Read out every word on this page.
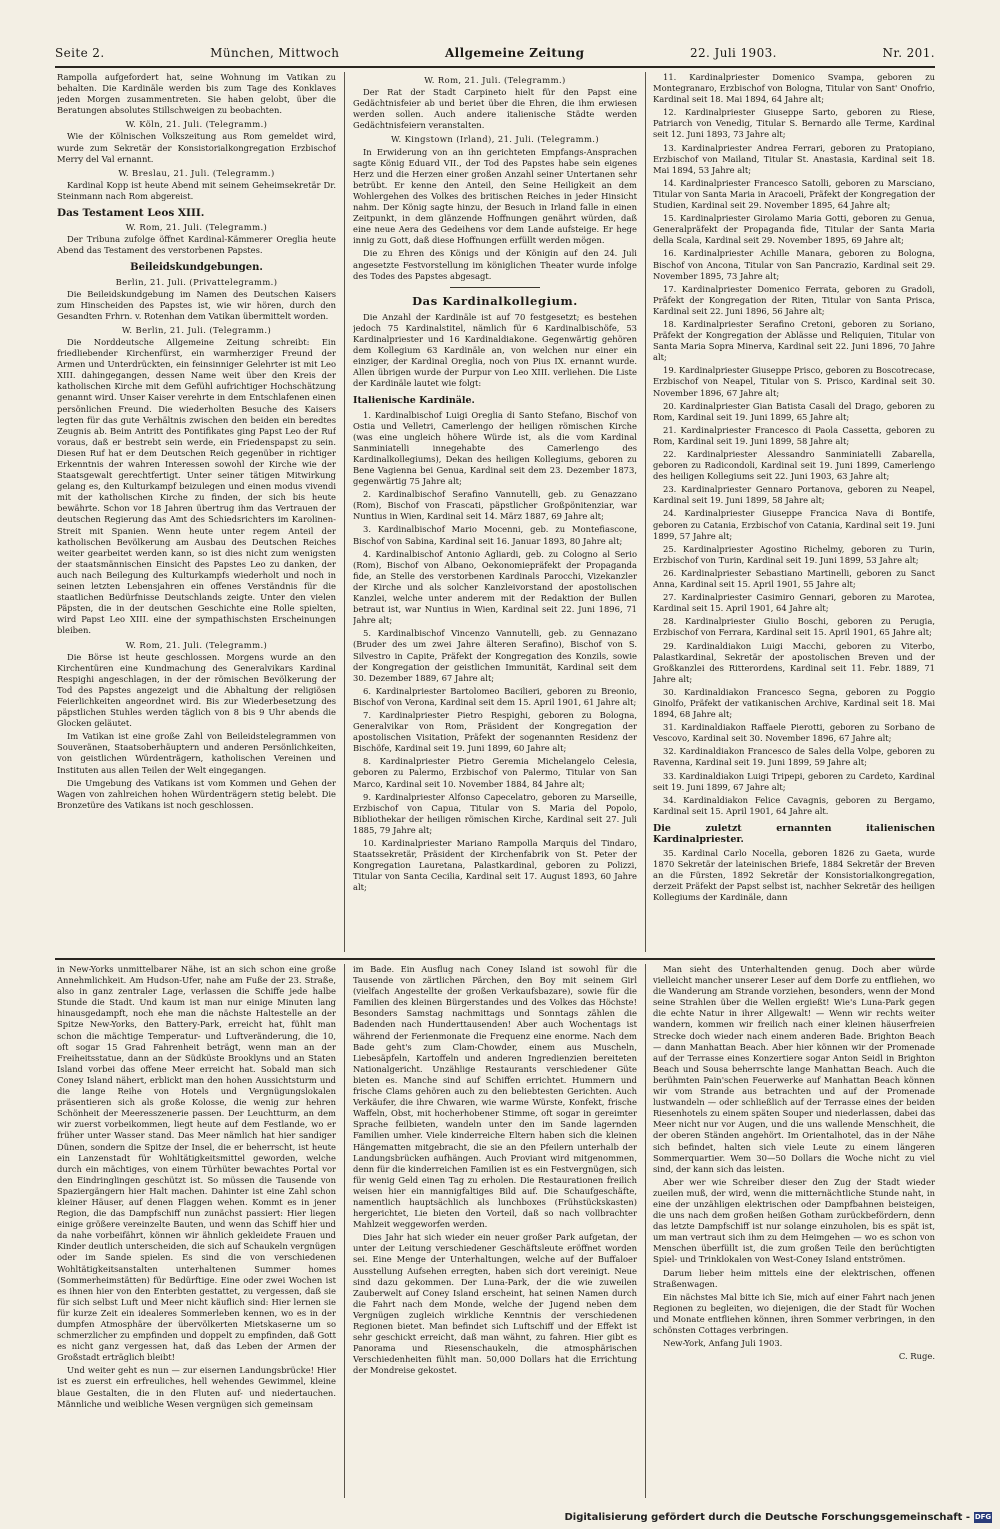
Seite 2.	München, Mittwoch	Allgemeine Zeitung	22. Juli 1903.	Nr. 201.

Rampolla aufgefordert hat, seine Wohnung im Vatikan zu behalten. Die Kardinäle werden bis zum Tage des Konklaves jeden Morgen zusammentreten. Sie haben gelobt, über die Beratungen absolutes Stillschweigen zu beobachten.

W. Köln, 21. Juli. (Telegramm.)

Wie der Kölnischen Volkszeitung aus Rom gemeldet wird, wurde zum Sekretär der Konsistorialkongregation Erzbischof Merry del Val ernannt.

W. Breslau, 21. Juli. (Telegramm.)

Kardinal Kopp ist heute Abend mit seinem Geheimsekretär Dr. Steinmann nach Rom abgereist.

Das Testament Leos XIII.

W. Rom, 21. Juli. (Telegramm.)

Der Tribuna zufolge öffnet Kardinal-Kämmerer Oreglia heute Abend das Testament des verstorbenen Papstes.

Beileidskundgebungen.

Berlin, 21. Juli. (Privattelegramm.)

Die Beileidskundgebung im Namen des Deutschen Kaisers zum Hinscheiden des Papstes ist, wie wir hören, durch den Gesandten Frhrn. v. Rotenhan dem Vatikan übermittelt worden.

W. Berlin, 21. Juli. (Telegramm.)

Die Norddeutsche Allgemeine Zeitung schreibt: Ein friedliebender Kirchenfürst, ein warmherziger Freund der Armen und Unterdrückten, ein feinsinniger Gelehrter ist mit Leo XIII. dahingegangen, dessen Name weit über den Kreis der katholischen Kirche mit dem Gefühl aufrichtiger Hochschätzung genannt wird. Unser Kaiser verehrte in dem Entschlafenen einen persönlichen Freund. Die wiederholten Besuche des Kaisers legten für das gute Verhältnis zwischen den beiden ein beredtes Zeugnis ab. Beim Antritt des Pontifikates ging Papst Leo der Ruf voraus, daß er bestrebt sein werde, ein Friedenspapst zu sein. Diesen Ruf hat er dem Deutschen Reich gegenüber in richtiger Erkenntnis der wahren Interessen sowohl der Kirche wie der Staatsgewalt gerechtfertigt. Unter seiner tätigen Mitwirkung gelang es, den Kulturkampf beizulegen und einen modus vivendi mit der katholischen Kirche zu finden, der sich bis heute bewährte. Schon vor 18 Jahren übertrug ihm das Vertrauen der deutschen Regierung das Amt des Schiedsrichters im Karolinen-Streit mit Spanien. Wenn heute unter regem Anteil der katholischen Bevölkerung am Ausbau des Deutschen Reiches weiter gearbeitet werden kann, so ist dies nicht zum wenigsten der staatsmännischen Einsicht des Papstes Leo zu danken, der auch nach Beilegung des Kulturkampfs wiederholt und noch in seinen letzten Lebensjahren ein offenes Verständnis für die staatlichen Bedürfnisse Deutschlands zeigte. Unter den vielen Päpsten, die in der deutschen Geschichte eine Rolle spielten, wird Papst Leo XIII. eine der sympathischsten Erscheinungen bleiben.

W. Rom, 21. Juli. (Telegramm.)

Die Börse ist heute geschlossen. Morgens wurde an den Kirchentüren eine Kundmachung des Generalvikars Kardinal Respighi angeschlagen, in der der römischen Bevölkerung der Tod des Papstes angezeigt und die Abhaltung der religiösen Feierlichkeiten angeordnet wird. Bis zur Wiederbesetzung des päpstlichen Stuhles werden täglich von 8 bis 9 Uhr abends die Glocken geläutet.

Im Vatikan ist eine große Zahl von Beileidstelegrammen von Souveränen, Staatsoberhäuptern und anderen Persönlichkeiten, von geistlichen Würdenträgern, katholischen Vereinen und Instituten aus allen Teilen der Welt eingegangen.

Die Umgebung des Vatikans ist vom Kommen und Gehen der Wagen von zahlreichen hohen Würdenträgern stetig belebt. Die Bronzetüre des Vatikans ist noch geschlossen.

W. Rom, 21. Juli. (Telegramm.)

Der Rat der Stadt Carpineto hielt für den Papst eine Gedächtnisfeier ab und beriet über die Ehren, die ihm erwiesen werden sollen. Auch andere italienische Städte werden Gedächtnisfeiern veranstalten.

W. Kingstown (Irland), 21. Juli. (Telegramm.)

In Erwiderung von an ihn gerichteten Empfangs-Ansprachen sagte König Eduard VII., der Tod des Papstes habe sein eigenes Herz und die Herzen einer großen Anzahl seiner Untertanen sehr betrübt. Er kenne den Anteil, den Seine Heiligkeit an dem Wohlergehen des Volkes des britischen Reiches in jeder Hinsicht nahm. Der König sagte hinzu, der Besuch in Irland falle in einen Zeitpunkt, in dem glänzende Hoffnungen genährt würden, daß eine neue Aera des Gedeihens vor dem Lande aufsteige. Er hege innig zu Gott, daß diese Hoffnungen erfüllt werden mögen.

Die zu Ehren des Königs und der Königin auf den 24. Juli angesetzte Festvorstellung im königlichen Theater wurde infolge des Todes des Papstes abgesagt.

Das Kardinalkollegium.

Die Anzahl der Kardinäle ist auf 70 festgesetzt; es bestehen jedoch 75 Kardinalstitel, nämlich für 6 Kardinalbischöfe, 53 Kardinalpriester und 16 Kardinaldiakone. Gegenwärtig gehören dem Kollegium 63 Kardinäle an, von welchen nur einer ein einziger, der Kardinal Oreglia, noch von Pius IX. ernannt wurde. Allen übrigen wurde der Purpur von Leo XIII. verliehen. Die Liste der Kardinäle lautet wie folgt:

Italienische Kardinäle.

1. Kardinalbischof Luigi Oreglia di Santo Stefano, Bischof von Ostia und Velletri, Camerlengo der heiligen römischen Kirche (was eine ungleich höhere Würde ist, als die vom Kardinal Sanminiatelli innegehabte des Camerlengo des Kardinalkollegiums), Dekan des heiligen Kollegiums, geboren zu Bene Vagienna bei Genua, Kardinal seit dem 23. Dezember 1873, gegenwärtig 75 Jahre alt;

2. Kardinalbischof Serafino Vannutelli, geb. zu Genazzano (Rom), Bischof von Frascati, päpstlicher Großpönitenziar, war Nuntius in Wien, Kardinal seit 14. März 1887, 69 Jahre alt;

3. Kardinalbischof Mario Mocenni, geb. zu Montefiascone, Bischof von Sabina, Kardinal seit 16. Januar 1893, 80 Jahre alt;

4. Kardinalbischof Antonio Agliardi, geb. zu Cologno al Serio (Rom), Bischof von Albano, Oekonomiepräfekt der Propaganda fide, an Stelle des verstorbenen Kardinals Parocchi, Vizekanzler der Kirche und als solcher Kanzleivorstand der apostolischen Kanzlei, welche unter anderem mit der Redaktion der Bullen betraut ist, war Nuntius in Wien, Kardinal seit 22. Juni 1896, 71 Jahre alt;

5. Kardinalbischof Vincenzo Vannutelli, geb. zu Gennazano (Bruder des um zwei Jahre älteren Serafino), Bischof von S. Silvestro in Capite, Präfekt der Kongregation des Konzils, sowie der Kongregation der geistlichen Immunität, Kardinal seit dem 30. Dezember 1889, 67 Jahre alt;

6. Kardinalpriester Bartolomeo Bacilieri, geboren zu Breonio, Bischof von Verona, Kardinal seit dem 15. April 1901, 61 Jahre alt;

7. Kardinalpriester Pietro Respighi, geboren zu Bologna, Generalvikar von Rom, Präsident der Kongregation der apostolischen Visitation, Präfekt der sogenannten Residenz der Bischöfe, Kardinal seit 19. Juni 1899, 60 Jahre alt;

8. Kardinalpriester Pietro Geremia Michelangelo Celesia, geboren zu Palermo, Erzbischof von Palermo, Titular von San Marco, Kardinal seit 10. November 1884, 84 Jahre alt;

9. Kardinalpriester Alfonso Capecelatro, geboren zu Marseille, Erzbischof von Capua, Titular von S. Maria del Popolo, Bibliothekar der heiligen römischen Kirche, Kardinal seit 27. Juli 1885, 79 Jahre alt;

10. Kardinalpriester Mariano Rampolla Marquis del Tindaro, Staatssekretär, Präsident der Kirchenfabrik von St. Peter der Kongregation Lauretana, Palastkardinal, geboren zu Polizzi, Titular von Santa Cecilia, Kardinal seit 17. August 1893, 60 Jahre alt;

11. Kardinalpriester Domenico Svampa, geboren zu Montegranaro, Erzbischof von Bologna, Titular von Sant' Onofrio, Kardinal seit 18. Mai 1894, 64 Jahre alt;

12. Kardinalpriester Giuseppe Sarto, geboren zu Riese, Patriarch von Venedig, Titular S. Bernardo alle Terme, Kardinal seit 12. Juni 1893, 73 Jahre alt;

13. Kardinalpriester Andrea Ferrari, geboren zu Pratopiano, Erzbischof von Mailand, Titular St. Anastasia, Kardinal seit 18. Mai 1894, 53 Jahre alt;

14. Kardinalpriester Francesco Satolli, geboren zu Marsciano, Titular von Santa Maria in Aracoeli, Präfekt der Kongregation der Studien, Kardinal seit 29. November 1895, 64 Jahre alt;

15. Kardinalpriester Girolamo Maria Gotti, geboren zu Genua, Generalpräfekt der Propaganda fide, Titular der Santa Maria della Scala, Kardinal seit 29. November 1895, 69 Jahre alt;

16. Kardinalpriester Achille Manara, geboren zu Bologna, Bischof von Ancona, Titular von San Pancrazio, Kardinal seit 29. November 1895, 73 Jahre alt;

17. Kardinalpriester Domenico Ferrata, geboren zu Gradoli, Präfekt der Kongregation der Riten, Titular von Santa Prisca, Kardinal seit 22. Juni 1896, 56 Jahre alt;

18. Kardinalpriester Serafino Cretoni, geboren zu Soriano, Präfekt der Kongregation der Ablässe und Reliquien, Titular von Santa Maria Sopra Minerva, Kardinal seit 22. Juni 1896, 70 Jahre alt;

19. Kardinalpriester Giuseppe Prisco, geboren zu Boscotrecase, Erzbischof von Neapel, Titular von S. Prisco, Kardinal seit 30. November 1896, 67 Jahre alt;

20. Kardinalpriester Gian Batista Casali del Drago, geboren zu Rom, Kardinal seit 19. Juni 1899, 65 Jahre alt;

21. Kardinalpriester Francesco di Paola Cassetta, geboren zu Rom, Kardinal seit 19. Juni 1899, 58 Jahre alt;

22. Kardinalpriester Alessandro Sanminiatelli Zabarella, geboren zu Radicondoli, Kardinal seit 19. Juni 1899, Camerlengo des heiligen Kollegiums seit 22. Juni 1903, 63 Jahre alt;

23. Kardinalpriester Gennaro Portanova, geboren zu Neapel, Kardinal seit 19. Juni 1899, 58 Jahre alt;

24. Kardinalpriester Giuseppe Francica Nava di Bontife, geboren zu Catania, Erzbischof von Catania, Kardinal seit 19. Juni 1899, 57 Jahre alt;

25. Kardinalpriester Agostino Richelmy, geboren zu Turin, Erzbischof von Turin, Kardinal seit 19. Juni 1899, 53 Jahre alt;

26. Kardinalpriester Sebastiano Martinelli, geboren zu Sanct Anna, Kardinal seit 15. April 1901, 55 Jahre alt;

27. Kardinalpriester Casimiro Gennari, geboren zu Marotea, Kardinal seit 15. April 1901, 64 Jahre alt;

28. Kardinalpriester Giulio Boschi, geboren zu Perugia, Erzbischof von Ferrara, Kardinal seit 15. April 1901, 65 Jahre alt;

29. Kardinaldiakon Luigi Macchi, geboren zu Viterbo, Palastkardinal, Sekretär der apostolischen Breven und der Großkanzlei des Ritterordens, Kardinal seit 11. Febr. 1889, 71 Jahre alt;

30. Kardinaldiakon Francesco Segna, geboren zu Poggio Ginolfo, Präfekt der vatikanischen Archive, Kardinal seit 18. Mai 1894, 68 Jahre alt;

31. Kardinaldiakon Raffaele Pierotti, geboren zu Sorbano de Vescovo, Kardinal seit 30. November 1896, 67 Jahre alt;

32. Kardinaldiakon Francesco de Sales della Volpe, geboren zu Ravenna, Kardinal seit 19. Juni 1899, 59 Jahre alt;

33. Kardinaldiakon Luigi Tripepi, geboren zu Cardeto, Kardinal seit 19. Juni 1899, 67 Jahre alt;

34. Kardinaldiakon Felice Cavagnis, geboren zu Bergamo, Kardinal seit 15. April 1901, 64 Jahre alt.

Die zuletzt ernannten italienischen Kardinalpriester.

35. Kardinal Carlo Nocella, geboren 1826 zu Gaeta, wurde 1870 Sekretär der lateinischen Briefe, 1884 Sekretär der Breven an die Fürsten, 1892 Sekretär der Konsistorialkongregation, derzeit Präfekt der Papst selbst ist, nachher Sekretär des heiligen Kollegiums der Kardinäle, dann

in New-Yorks unmittelbarer Nähe, ist an sich schon eine große Annehmlichkeit. Am Hudson-Ufer, nahe am Fuße der 23. Straße, also in ganz zentraler Lage, verlassen die Schiffe jede halbe Stunde die Stadt. Und kaum ist man nur einige Minuten lang hinausgedampft, noch ehe man die nächste Haltestelle an der Spitze New-Yorks, den Battery-Park, erreicht hat, fühlt man schon die mächtige Temperatur- und Luftveränderung, die 10, oft sogar 15 Grad Fahrenheit beträgt, wenn man an der Freiheitsstatue, dann an der Südküste Brooklyns und an Staten Island vorbei das offene Meer erreicht hat. Sobald man sich Coney Island nähert, erblickt man den hohen Aussichtsturm und die lange Reihe von Hotels und Vergnügungslokalen präsentieren sich als große Kolosse, die wenig zur hehren Schönheit der Meeresszenerie passen. Der Leuchtturm, an dem wir zuerst vorbeikommen, liegt heute auf dem Festlande, wo er früher unter Wasser stand. Das Meer nämlich hat hier sandiger Dünen, sondern die Spitze der Insel, die er beherrscht, ist heute ein Lanzenstadt für Wohltätigkeitsmittel geworden, welche durch ein mächtiges, von einem Türhüter bewachtes Portal vor den Eindringlingen geschützt ist. So müssen die Tausende von Spaziergängern hier Halt machen. Dahinter ist eine Zahl schon kleiner Häuser, auf denen Flaggen wehen. Kommt es in jener Region, die das Dampfschiff nun zunächst passiert: Hier liegen einige größere vereinzelte Bauten, und wenn das Schiff hier und da nahe vorbeifährt, können wir ähnlich gekleidete Frauen und Kinder deutlich unterscheiden, die sich auf Schaukeln vergnügen oder im Sande spielen. Es sind die von verschiedenen Wohltätigkeitsanstalten unterhaltenen Summer homes (Sommerheimstätten) für Bedürftige. Eine oder zwei Wochen ist es ihnen hier von den Enterbten gestattet, zu vergessen, daß sie für sich selbst Luft und Meer nicht käuflich sind: Hier lernen sie für kurze Zeit ein idealeres Sommerleben kennen, wo es in der dumpfen Atmosphäre der übervölkerten Mietskaserne um so schmerzlicher zu empfinden und doppelt zu empfinden, daß Gott es nicht ganz vergessen hat, daß das Leben der Armen der Großstadt erträglich bleibt!

Und weiter geht es nun — zur eisernen Landungsbrücke! Hier ist es zuerst ein erfreuliches, hell wehendes Gewimmel, kleine blaue Gestalten, die in den Fluten auf- und niedertauchen. Männliche und weibliche Wesen vergnügen sich gemeinsam

im Bade. Ein Ausflug nach Coney Island ist sowohl für die Tausende von zärtlichen Pärchen, den Boy mit seinem Girl (vielfach Angestellte der großen Verkaufsbazare), sowie für die Familien des kleinen Bürgerstandes und des Volkes das Höchste! Besonders Samstag nachmittags und Sonntags zählen die Badenden nach Hunderttausenden! Aber auch Wochentags ist während der Ferienmonate die Frequenz eine enorme. Nach dem Bade geht's zum Clam-Chowder, einem aus Muscheln, Liebesäpfeln, Kartoffeln und anderen Ingredienzien bereiteten Nationalgericht. Unzählige Restaurants verschiedener Güte bieten es. Manche sind auf Schiffen errichtet. Hummern und frische Clams gehören auch zu den beliebtesten Gerichten. Auch Verkäufer, die ihre Chwaren, wie warme Würste, Konfekt, frische Waffeln, Obst, mit hocherhobener Stimme, oft sogar in gereimter Sprache feilbieten, wandeln unter den im Sande lagernden Familien umher. Viele kinderreiche Eltern haben sich die kleinen Hängematten mitgebracht, die sie an den Pfeilern unterhalb der Landungsbrücken aufhängen. Auch Proviant wird mitgenommen, denn für die kinderreichen Familien ist es ein Festvergnügen, sich für wenig Geld einen Tag zu erholen. Die Restaurationen freilich weisen hier ein mannigfaltiges Bild auf. Die Schaufgeschäfte, namentlich hauptsächlich als lunchboxes (Frühstückskasten) hergerichtet, Lie bieten den Vorteil, daß so nach vollbrachter Mahlzeit weggeworfen werden.

Dies Jahr hat sich wieder ein neuer großer Park aufgetan, der unter der Leitung verschiedener Geschäftsleute eröffnet worden sei. Eine Menge der Unterhaltungen, welche auf der Buffaloer Ausstellung Aufsehen erregten, haben sich dort vereinigt. Neue sind dazu gekommen. Der Luna-Park, der die wie zuweilen Zauberwelt auf Coney Island erscheint, hat seinen Namen durch die Fahrt nach dem Monde, welche der Jugend neben dem Vergnügen zugleich wirkliche Kenntnis der verschiedenen Regionen bietet. Man befindet sich Luftschiff und der Effekt ist sehr geschickt erreicht, daß man wähnt, zu fahren. Hier gibt es Panorama und Riesenschaukeln, die atmosphärischen Verschiedenheiten fühlt man. 50,000 Dollars hat die Errichtung der Mondreise gekostet.

Man sieht des Unterhaltenden genug. Doch aber würde vielleicht mancher unserer Leser auf dem Dorfe zu entfliehen, wo die Wanderung am Strande vorziehen, besonders, wenn der Mond seine Strahlen über die Wellen ergießt! Wie's Luna-Park gegen die echte Natur in ihrer Allgewalt! — Wenn wir rechts weiter wandern, kommen wir freilich nach einer kleinen häuserfreien Strecke doch wieder nach einem anderen Bade. Brighton Beach — dann Manhattan Beach. Aber hier können wir der Promenade auf der Terrasse eines Konzertiere sogar Anton Seidl in Brighton Beach und Sousa beherrschte lange Manhattan Beach. Auch die berühmten Pain'schen Feuerwerke auf Manhattan Beach können wir vom Strande aus betrachten und auf der Promenade lustwandeln — oder schließlich auf der Terrasse eines der beiden Riesenhotels zu einem späten Souper und niederlassen, dabei das Meer nicht nur vor Augen, und die uns wallende Menschheit, die der oberen Ständen angehört. Im Orientalhotel, das in der Nähe sich befindet, halten sich viele Leute zu einem längeren Sommerquartier. Wem 30—50 Dollars die Woche nicht zu viel sind, der kann sich das leisten.

Aber wer wie Schreiber dieser den Zug der Stadt wieder zueilen muß, der wird, wenn die mitternächtliche Stunde naht, in eine der unzähligen elektrischen oder Dampfbahnen beisteigen, die uns nach dem großen heißen Gotham zurückbefördern, denn das letzte Dampfschiff ist nur solange einzuholen, bis es spät ist, um man vertraut sich ihm zu dem Heimgehen — wo es schon von Menschen überfüllt ist, die zum großen Teile den berüchtigten Spiel- und Trinklokalen von West-Coney Island entströmen.

Darum lieber heim mittels eine der elektrischen, offenen Straßenwagen.

Ein nächstes Mal bitte ich Sie, mich auf einer Fahrt nach jenen Regionen zu begleiten, wo diejenigen, die der Stadt für Wochen und Monate entfliehen können, ihren Sommer verbringen, in den schönsten Cottages verbringen.

New-York, Anfang Juli 1903.

C. Ruge.

Digitalisierung gefördert durch die Deutsche Forschungsgemeinschaft - DFG
